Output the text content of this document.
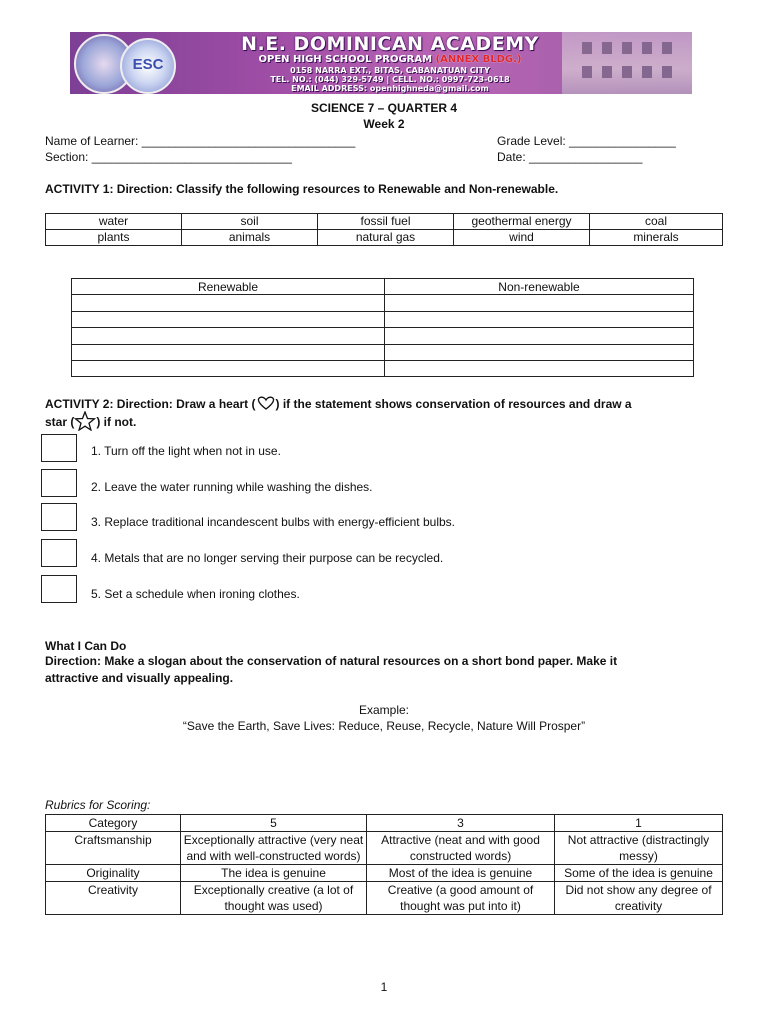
ESC
N.E. DOMINICAN ACADEMY
OPEN HIGH SCHOOL PROGRAM (ANNEX BLDG.)
0158 NARRA EXT., BITAS, CABANATUAN CITY
TEL. NO.: (044) 329-5749 | CELL. NO.: 0997-723-0618
EMAIL ADDRESS: openhighneda@gmail.com
SCIENCE 7 – QUARTER 4
Week 2
Name of Learner: ________________________________	Grade Level: ________________
Section: ______________________________	Date: _________________
ACTIVITY 1: Direction: Classify the following resources to Renewable and Non-renewable.
water	soil	fossil fuel	geothermal energy	coal
plants	animals	natural gas	wind	minerals
Renewable	Non-renewable

ACTIVITY 2: Direction: Draw a heart ( ) if the statement shows conservation of resources and draw a
star ( ) if not.
1. Turn off the light when not in use.
2. Leave the water running while washing the dishes.
3. Replace traditional incandescent bulbs with energy-efficient bulbs.
4. Metals that are no longer serving their purpose can be recycled.
5. Set a schedule when ironing clothes.
What I Can Do
Direction: Make a slogan about the conservation of natural resources on a short bond paper. Make it
attractive and visually appealing.
Example:
“Save the Earth, Save Lives: Reduce, Reuse, Recycle, Nature Will Prosper”
Rubrics for Scoring:
Category	5	3	1
Craftsmanship	Exceptionally attractive (very neat and with well-constructed words)	Attractive (neat and with good constructed words)	Not attractive (distractingly messy)
Originality	The idea is genuine	Most of the idea is genuine	Some of the idea is genuine
Creativity	Exceptionally creative (a lot of thought was used)	Creative (a good amount of thought was put into it)	Did not show any degree of creativity
1
